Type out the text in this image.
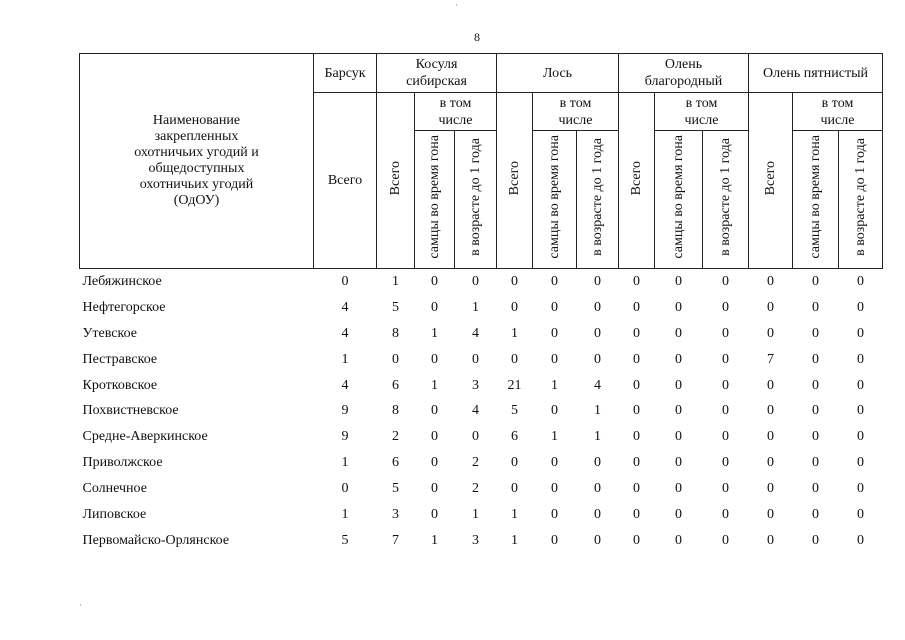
8
Наименование закрепленных охотничьих угодий и общедоступных охотничьих угодий (ОдОУ)	Барсук	Косуля сибирская			Лось			Олень благородный			Олень пятнистый		
	Всего	Всего	в том числе		Всего	в том числе		Всего	в том числе		Всего	в том числе	

			самцы во время гона	в возрасте до 1 года		самцы во время гона	в возрасте до 1 года		самцы во время гона	в возрасте до 1 года		самцы во время гона	в возрасте до 1 года
Лебяжинское	0	1	0	0	0	0	0	0	0	0	0	0	0
Нефтегорское	4	5	0	1	0	0	0	0	0	0	0	0	0
Утевское	4	8	1	4	1	0	0	0	0	0	0	0	0
Пестравское	1	0	0	0	0	0	0	0	0	0	7	0	0
Кротковское	4	6	1	3	21	1	4	0	0	0	0	0	0
Похвистневское	9	8	0	4	5	0	1	0	0	0	0	0	0
Средне-Аверкинское	9	2	0	0	6	1	1	0	0	0	0	0	0
Приволжское	1	6	0	2	0	0	0	0	0	0	0	0	0
Солнечное	0	5	0	2	0	0	0	0	0	0	0	0	0
Липовское	1	3	0	1	1	0	0	0	0	0	0	0	0
Первомайско-Орлянское	5	7	1	3	1	0	0	0	0	0	0	0	0
·
·
